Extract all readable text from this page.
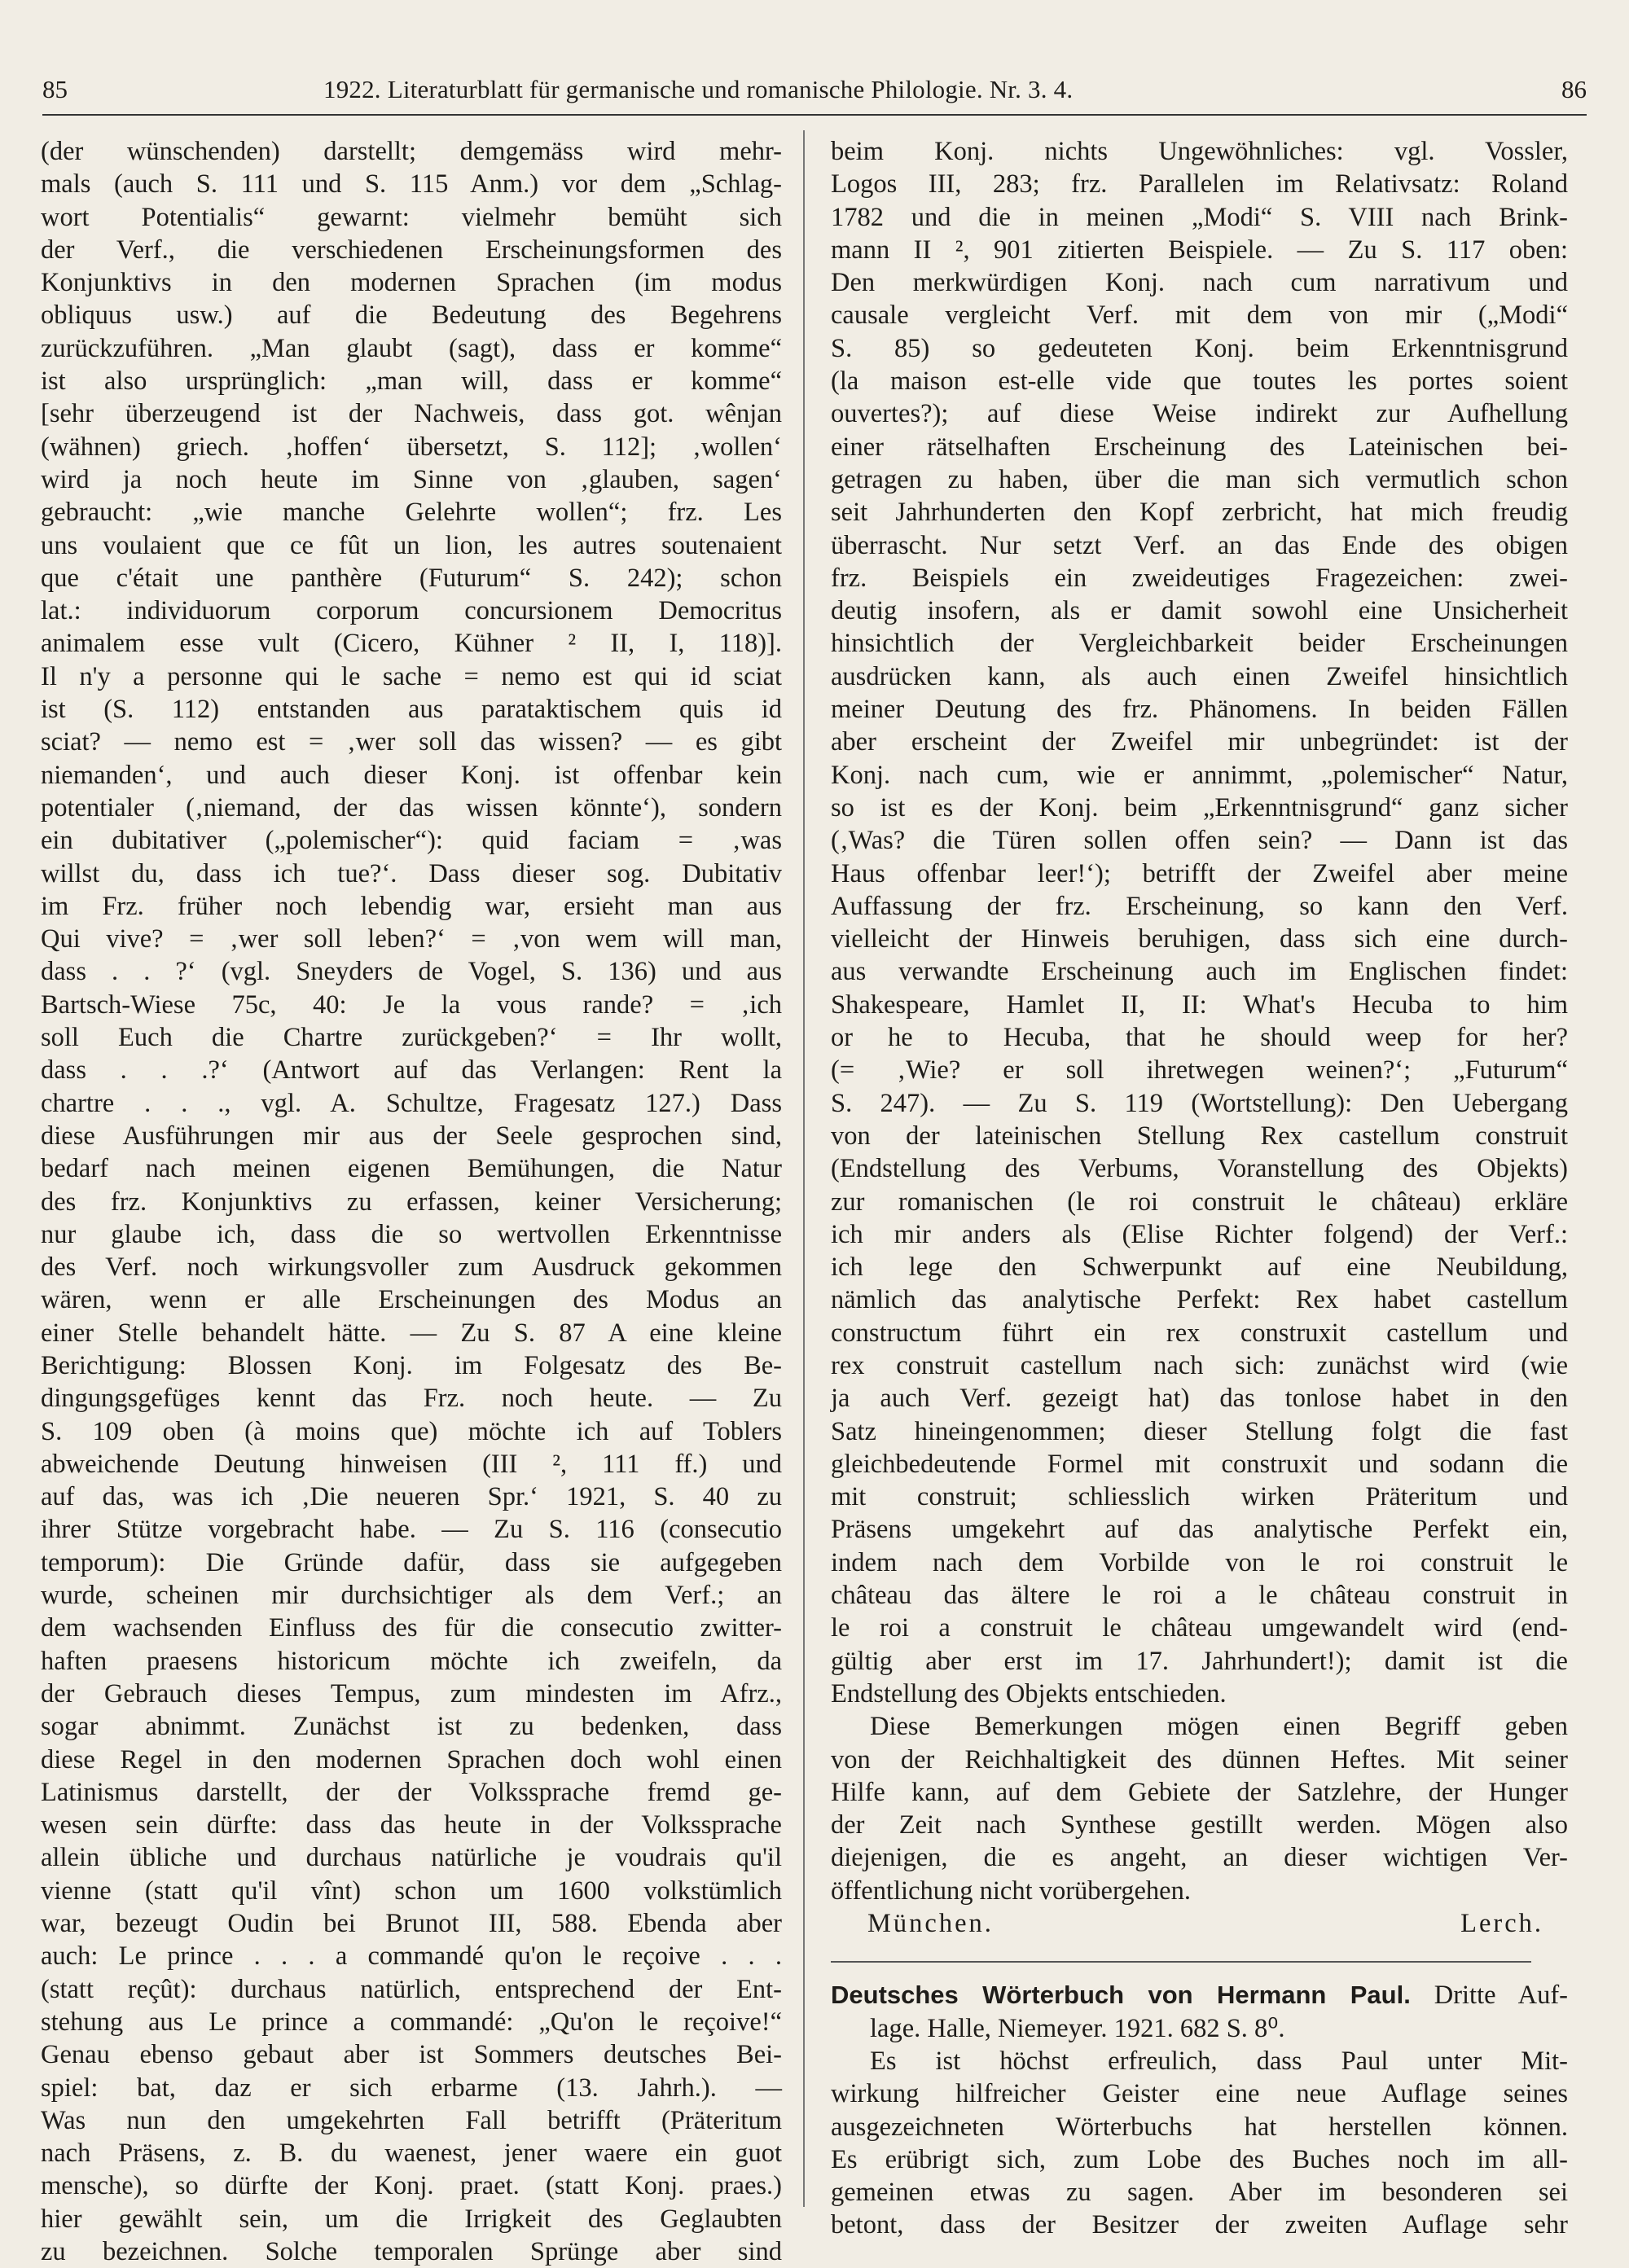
85	1922. Literaturblatt für germanische und romanische Philologie. Nr. 3. 4.	86
(der wünschenden) darstellt; demgemäss wird mehr-
mals (auch S. 111 und S. 115 Anm.) vor dem „Schlag-
wort Potentialis“ gewarnt: vielmehr bemüht sich
der Verf., die verschiedenen Erscheinungsformen des
Konjunktivs in den modernen Sprachen (im modus
obliquus usw.) auf die Bedeutung des Begehrens
zurückzuführen. „Man glaubt (sagt), dass er komme“
ist also ursprünglich: „man will, dass er komme“
[sehr überzeugend ist der Nachweis, dass got. wênjan
(wähnen) griech. ‚hoffen‘ übersetzt, S. 112]; ‚wollen‘
wird ja noch heute im Sinne von ‚glauben, sagen‘
gebraucht: „wie manche Gelehrte wollen“; frz. Les
uns voulaient que ce fût un lion, les autres soutenaient
que c'était une panthère (Futurum“ S. 242); schon
lat.: individuorum corporum concursionem Democritus
animalem esse vult (Cicero, Kühner ² II, I, 118)].
Il n'y a personne qui le sache = nemo est qui id sciat
ist (S. 112) entstanden aus parataktischem quis id
sciat? — nemo est = ‚wer soll das wissen? — es gibt
niemanden‘, und auch dieser Konj. ist offenbar kein
potentialer (‚niemand, der das wissen könnte‘), sondern
ein dubitativer („polemischer“): quid faciam = ‚was
willst du, dass ich tue?‘. Dass dieser sog. Dubitativ
im Frz. früher noch lebendig war, ersieht man aus
Qui vive? = ‚wer soll leben?‘ = ‚von wem will man,
dass . . ?‘ (vgl. Sneyders de Vogel, S. 136) und aus
Bartsch-Wiese 75c, 40: Je la vous rande? = ‚ich
soll Euch die Chartre zurückgeben?‘ = Ihr wollt,
dass . . .?‘ (Antwort auf das Verlangen: Rent la
chartre . . ., vgl. A. Schultze, Fragesatz 127.) Dass
diese Ausführungen mir aus der Seele gesprochen sind,
bedarf nach meinen eigenen Bemühungen, die Natur
des frz. Konjunktivs zu erfassen, keiner Versicherung;
nur glaube ich, dass die so wertvollen Erkenntnisse
des Verf. noch wirkungsvoller zum Ausdruck gekommen
wären, wenn er alle Erscheinungen des Modus an
einer Stelle behandelt hätte. — Zu S. 87 A eine kleine
Berichtigung: Blossen Konj. im Folgesatz des Be-
dingungsgefüges kennt das Frz. noch heute. — Zu
S. 109 oben (à moins que) möchte ich auf Toblers
abweichende Deutung hinweisen (III ², 111 ff.) und
auf das, was ich ‚Die neueren Spr.‘ 1921, S. 40 zu
ihrer Stütze vorgebracht habe. — Zu S. 116 (consecutio
temporum): Die Gründe dafür, dass sie aufgegeben
wurde, scheinen mir durchsichtiger als dem Verf.; an
dem wachsenden Einfluss des für die consecutio zwitter-
haften praesens historicum möchte ich zweifeln, da
der Gebrauch dieses Tempus, zum mindesten im Afrz.,
sogar abnimmt. Zunächst ist zu bedenken, dass
diese Regel in den modernen Sprachen doch wohl einen
Latinismus darstellt, der der Volkssprache fremd ge-
wesen sein dürfte: dass das heute in der Volkssprache
allein übliche und durchaus natürliche je voudrais qu'il
vienne (statt qu'il vînt) schon um 1600 volkstümlich
war, bezeugt Oudin bei Brunot III, 588. Ebenda aber
auch: Le prince . . . a commandé qu'on le reçoive . . .
(statt reçût): durchaus natürlich, entsprechend der Ent-
stehung aus Le prince a commandé: „Qu'on le reçoive!“
Genau ebenso gebaut aber ist Sommers deutsches Bei-
spiel: bat, daz er sich erbarme (13. Jahrh.). —
Was nun den umgekehrten Fall betrifft (Präteritum
nach Präsens, z. B. du waenest, jener waere ein guot
mensche), so dürfte der Konj. praet. (statt Konj. praes.)
hier gewählt sein, um die Irrigkeit des Geglaubten
zu bezeichnen. Solche temporalen Sprünge aber sind
beim Konj. nichts Ungewöhnliches: vgl. Vossler,
Logos III, 283; frz. Parallelen im Relativsatz: Roland
1782 und die in meinen „Modi“ S. VIII nach Brink-
mann II ², 901 zitierten Beispiele. — Zu S. 117 oben:
Den merkwürdigen Konj. nach cum narrativum und
causale vergleicht Verf. mit dem von mir („Modi“
S. 85) so gedeuteten Konj. beim Erkenntnisgrund
(la maison est-elle vide que toutes les portes soient
ouvertes?); auf diese Weise indirekt zur Aufhellung
einer rätselhaften Erscheinung des Lateinischen bei-
getragen zu haben, über die man sich vermutlich schon
seit Jahrhunderten den Kopf zerbricht, hat mich freudig
überrascht. Nur setzt Verf. an das Ende des obigen
frz. Beispiels ein zweideutiges Fragezeichen: zwei-
deutig insofern, als er damit sowohl eine Unsicherheit
hinsichtlich der Vergleichbarkeit beider Erscheinungen
ausdrücken kann, als auch einen Zweifel hinsichtlich
meiner Deutung des frz. Phänomens. In beiden Fällen
aber erscheint der Zweifel mir unbegründet: ist der
Konj. nach cum, wie er annimmt, „polemischer“ Natur,
so ist es der Konj. beim „Erkenntnisgrund“ ganz sicher
(‚Was? die Türen sollen offen sein? — Dann ist das
Haus offenbar leer!‘); betrifft der Zweifel aber meine
Auffassung der frz. Erscheinung, so kann den Verf.
vielleicht der Hinweis beruhigen, dass sich eine durch-
aus verwandte Erscheinung auch im Englischen findet:
Shakespeare, Hamlet II, II: What's Hecuba to him
or he to Hecuba, that he should weep for her?
(= ‚Wie? er soll ihretwegen weinen?‘; „Futurum“
S. 247). — Zu S. 119 (Wortstellung): Den Uebergang
von der lateinischen Stellung Rex castellum construit
(Endstellung des Verbums, Voranstellung des Objekts)
zur romanischen (le roi construit le château) erkläre
ich mir anders als (Elise Richter folgend) der Verf.:
ich lege den Schwerpunkt auf eine Neubildung,
nämlich das analytische Perfekt: Rex habet castellum
constructum führt ein rex construxit castellum und
rex construit castellum nach sich: zunächst wird (wie
ja auch Verf. gezeigt hat) das tonlose habet in den
Satz hineingenommen; dieser Stellung folgt die fast
gleichbedeutende Formel mit construxit und sodann die
mit construit; schliesslich wirken Präteritum und
Präsens umgekehrt auf das analytische Perfekt ein,
indem nach dem Vorbilde von le roi construit le
château das ältere le roi a le château construit in
le roi a construit le château umgewandelt wird (end-
gültig aber erst im 17. Jahrhundert!); damit ist die
Endstellung des Objekts entschieden.
Diese Bemerkungen mögen einen Begriff geben
von der Reichhaltigkeit des dünnen Heftes. Mit seiner
Hilfe kann, auf dem Gebiete der Satzlehre, der Hunger
der Zeit nach Synthese gestillt werden. Mögen also
diejenigen, die es angeht, an dieser wichtigen Ver-
öffentlichung nicht vorübergehen.
München.	Lerch.
Deutsches Wörterbuch von Hermann Paul. Dritte Auf-
lage. Halle, Niemeyer. 1921. 682 S. 8⁰.
Es ist höchst erfreulich, dass Paul unter Mit-
wirkung hilfreicher Geister eine neue Auflage seines
ausgezeichneten Wörterbuchs hat herstellen können.
Es erübrigt sich, zum Lobe des Buches noch im all-
gemeinen etwas zu sagen. Aber im besonderen sei
betont, dass der Besitzer der zweiten Auflage sehr
